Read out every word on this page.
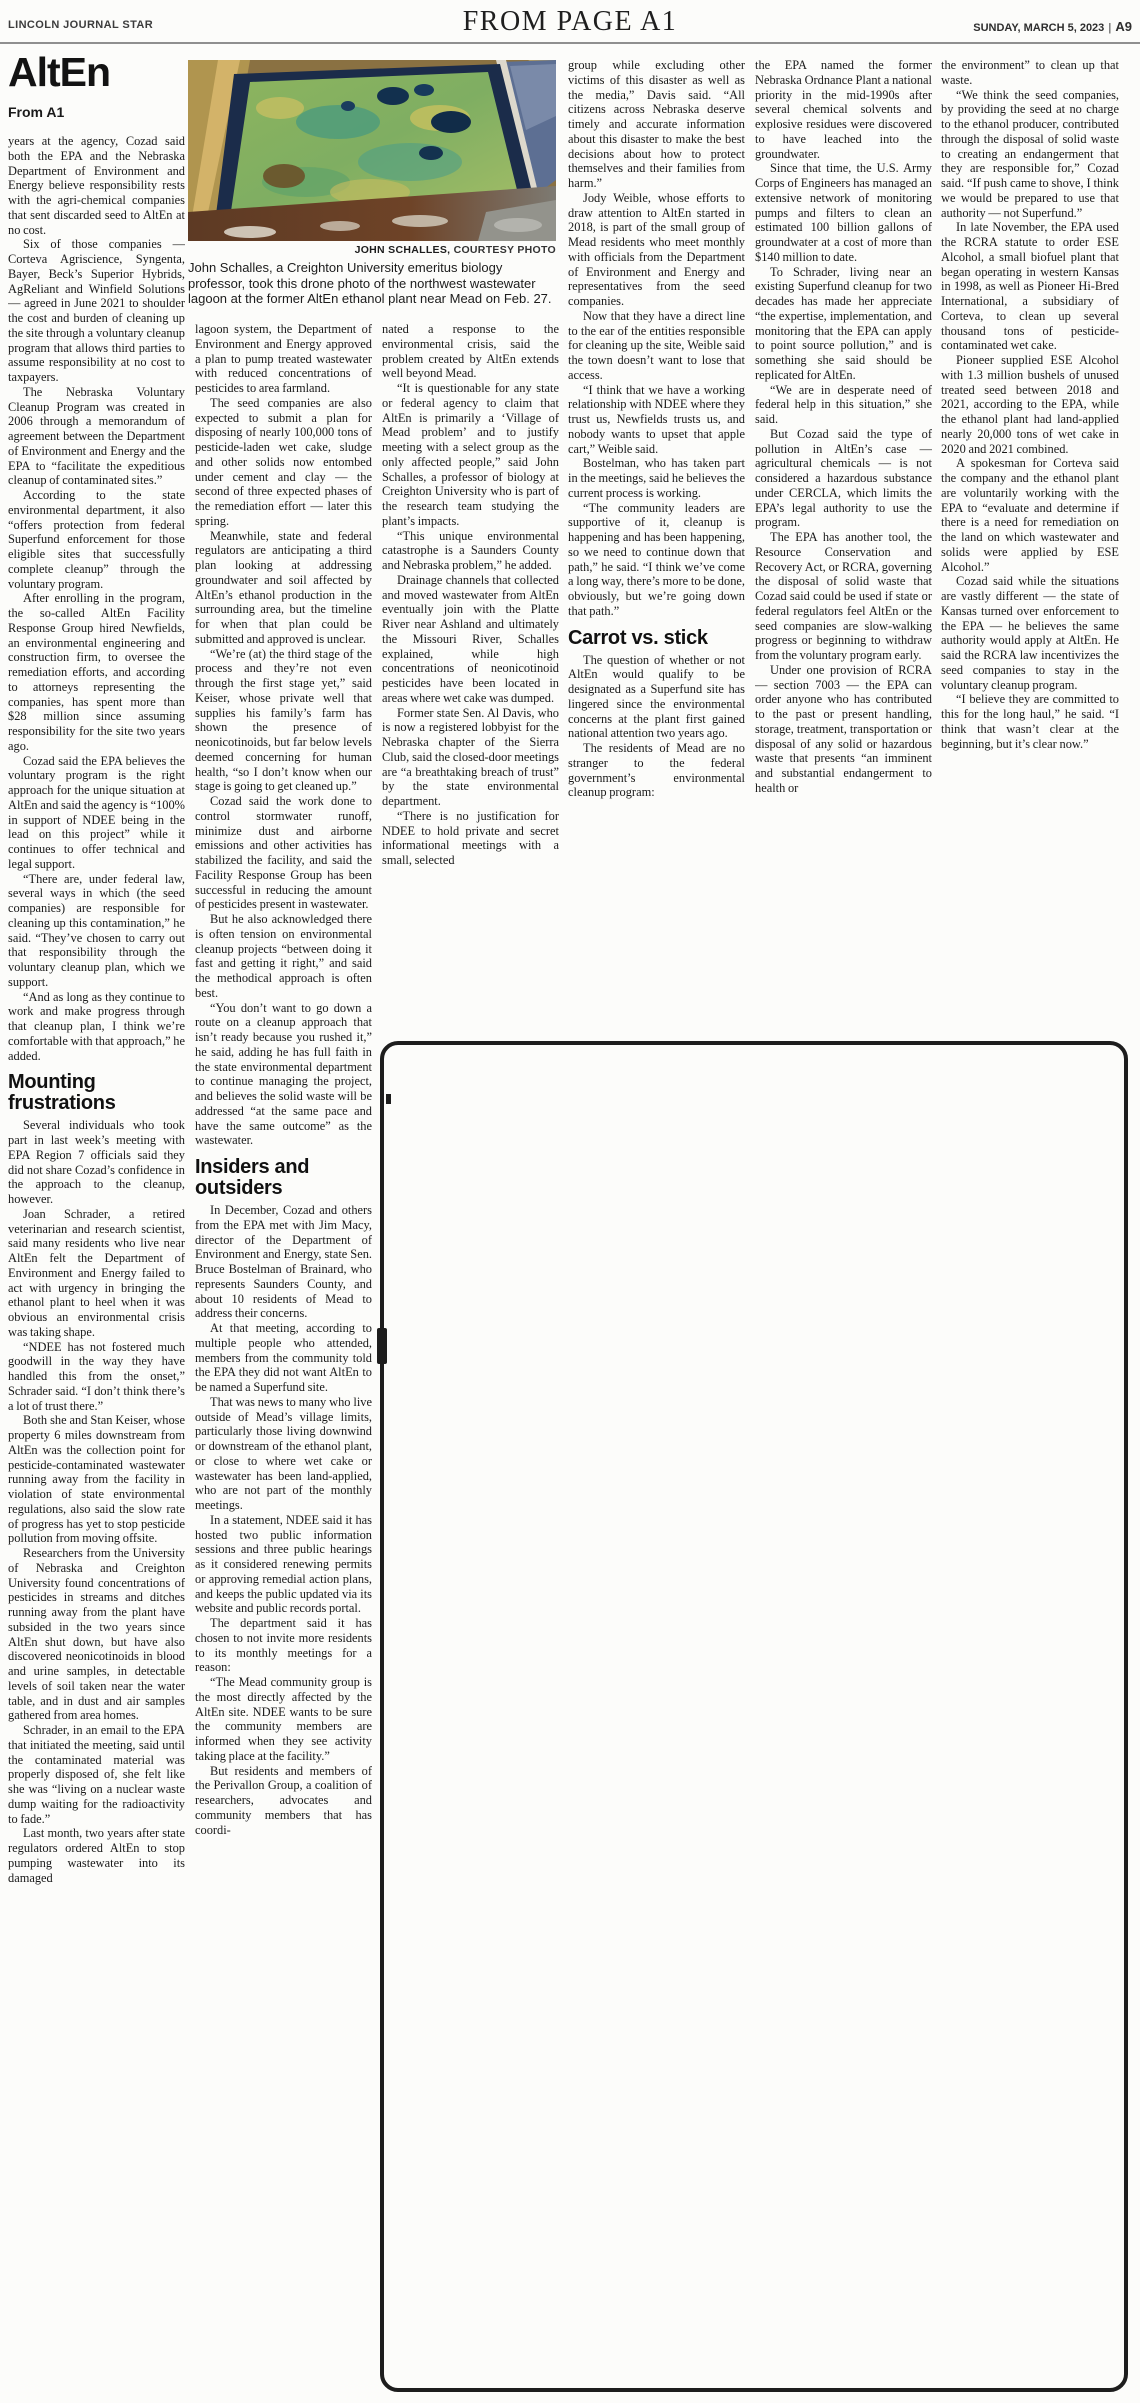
LINCOLN JOURNAL STAR	FROM PAGE A1	SUNDAY, MARCH 5, 2023 | A9
AltEn
From A1
JOHN SCHALLES, COURTESY PHOTO
John Schalles, a Creighton University emeritus biology professor, took this drone photo of the northwest wastewater lagoon at the former AltEn ethanol plant near Mead on Feb. 27.

years at the agency, Cozad said both the EPA and the Nebraska Department of Environment and Energy believe responsibility rests with the agri-chemical companies that sent discarded seed to AltEn at no cost.

Six of those companies — Corteva Agriscience, Syngenta, Bayer, Beck’s Superior Hybrids, AgReliant and Winfield Solutions — agreed in June 2021 to shoulder the cost and burden of cleaning up the site through a voluntary cleanup program that allows third parties to assume responsibility at no cost to taxpayers.

The Nebraska Voluntary Cleanup Program was created in 2006 through a memorandum of agreement between the Department of Environment and Energy and the EPA to “facilitate the expeditious cleanup of contaminated sites.”

According to the state environmental department, it also “offers protection from federal Superfund enforcement for those eligible sites that successfully complete cleanup” through the voluntary program.

After enrolling in the program, the so-called AltEn Facility Response Group hired Newfields, an environmental engineering and construction firm, to oversee the remediation efforts, and according to attorneys representing the companies, has spent more than $28 million since assuming responsibility for the site two years ago.

Cozad said the EPA believes the voluntary program is the right approach for the unique situation at AltEn and said the agency is “100% in support of NDEE being in the lead on this project” while it continues to offer technical and legal support.

“There are, under federal law, several ways in which (the seed companies) are responsible for cleaning up this contamination,” he said. “They’ve chosen to carry out that responsibility through the voluntary cleanup plan, which we support.

“And as long as they continue to work and make progress through that cleanup plan, I think we’re comfortable with that approach,” he added.

Mounting frustrations

Several individuals who took part in last week’s meeting with EPA Region 7 officials said they did not share Cozad’s confidence in the approach to the cleanup, however.

Joan Schrader, a retired veterinarian and research scientist, said many residents who live near AltEn felt the Department of Environment and Energy failed to act with urgency in bringing the ethanol plant to heel when it was obvious an environmental crisis was taking shape.

“NDEE has not fostered much goodwill in the way they have handled this from the onset,” Schrader said. “I don’t think there’s a lot of trust there.”

Both she and Stan Keiser, whose property 6 miles downstream from AltEn was the collection point for pesticide-contaminated wastewater running away from the facility in violation of state environmental regulations, also said the slow rate of progress has yet to stop pesticide pollution from moving offsite.

Researchers from the University of Nebraska and Creighton University found concentrations of pesticides in streams and ditches running away from the plant have subsided in the two years since AltEn shut down, but have also discovered neonicotinoids in blood and urine samples, in detectable levels of soil taken near the water table, and in dust and air samples gathered from area homes.

Schrader, in an email to the EPA that initiated the meeting, said until the contaminated material was properly disposed of, she felt like she was “living on a nuclear waste dump waiting for the radioactivity to fade.”

Last month, two years after state regulators ordered AltEn to stop pumping wastewater into its damaged

lagoon system, the Department of Environment and Energy approved a plan to pump treated wastewater with reduced concentrations of pesticides to area farmland.

The seed companies are also expected to submit a plan for disposing of nearly 100,000 tons of pesticide-laden wet cake, sludge and other solids now entombed under cement and clay — the second of three expected phases of the remediation effort — later this spring.

Meanwhile, state and federal regulators are anticipating a third plan looking at addressing groundwater and soil affected by AltEn’s ethanol production in the surrounding area, but the timeline for when that plan could be submitted and approved is unclear.

“We’re (at) the third stage of the process and they’re not even through the first stage yet,” said Keiser, whose private well that supplies his family’s farm has shown the presence of neonicotinoids, but far below levels deemed concerning for human health, “so I don’t know when our stage is going to get cleaned up.”

Cozad said the work done to control stormwater runoff, minimize dust and airborne emissions and other activities has stabilized the facility, and said the Facility Response Group has been successful in reducing the amount of pesticides present in wastewater.

But he also acknowledged there is often tension on environmental cleanup projects “between doing it fast and getting it right,” and said the methodical approach is often best.

“You don’t want to go down a route on a cleanup approach that isn’t ready because you rushed it,” he said, adding he has full faith in the state environmental department to continue managing the project, and believes the solid waste will be addressed “at the same pace and have the same outcome” as the wastewater.

Insiders and outsiders

In December, Cozad and others from the EPA met with Jim Macy, director of the Department of Environment and Energy, state Sen. Bruce Bostelman of Brainard, who represents Saunders County, and about 10 residents of Mead to address their concerns.

At that meeting, according to multiple people who attended, members from the community told the EPA they did not want AltEn to be named a Superfund site.

That was news to many who live outside of Mead’s village limits, particularly those living downwind or downstream of the ethanol plant, or close to where wet cake or wastewater has been land-applied, who are not part of the monthly meetings.

In a statement, NDEE said it has hosted two public information sessions and three public hearings as it considered renewing permits or approving remedial action plans, and keeps the public updated via its website and public records portal.

The department said it has chosen to not invite more residents to its monthly meetings for a reason:

“The Mead community group is the most directly affected by the AltEn site. NDEE wants to be sure the community members are informed when they see activity taking place at the facility.”

But residents and members of the Perivallon Group, a coalition of researchers, advocates and community members that has coordi-

nated a response to the environmental crisis, said the problem created by AltEn extends well beyond Mead.

“It is questionable for any state or federal agency to claim that AltEn is primarily a ‘Village of Mead problem’ and to justify meeting with a select group as the only affected people,” said John Schalles, a professor of biology at Creighton University who is part of the research team studying the plant’s impacts.

“This unique environmental catastrophe is a Saunders County and Nebraska problem,” he added.

Drainage channels that collected and moved wastewater from AltEn eventually join with the Platte River near Ashland and ultimately the Missouri River, Schalles explained, while high concentrations of neonicotinoid pesticides have been located in areas where wet cake was dumped.

Former state Sen. Al Davis, who is now a registered lobbyist for the Nebraska chapter of the Sierra Club, said the closed-door meetings are “a breathtaking breach of trust” by the state environmental department.

“There is no justification for NDEE to hold private and secret informational meetings with a small, selected

group while excluding other victims of this disaster as well as the media,” Davis said. “All citizens across Nebraska deserve timely and accurate information about this disaster to make the best decisions about how to protect themselves and their families from harm.”

Jody Weible, whose efforts to draw attention to AltEn started in 2018, is part of the small group of Mead residents who meet monthly with officials from the Department of Environment and Energy and representatives from the seed companies.

Now that they have a direct line to the ear of the entities responsible for cleaning up the site, Weible said the town doesn’t want to lose that access.

“I think that we have a working relationship with NDEE where they trust us, Newfields trusts us, and nobody wants to upset that apple cart,” Weible said.

Bostelman, who has taken part in the meetings, said he believes the current process is working.

“The community leaders are supportive of it, cleanup is happening and has been happening, so we need to continue down that path,” he said. “I think we’ve come a long way, there’s more to be done, obviously, but we’re going down that path.”

Carrot vs. stick

The question of whether or not AltEn would qualify to be designated as a Superfund site has lingered since the environmental concerns at the plant first gained national attention two years ago.

The residents of Mead are no stranger to the federal government’s environmental cleanup program:

the EPA named the former Nebraska Ordnance Plant a national priority in the mid-1990s after several chemical solvents and explosive residues were discovered to have leached into the groundwater.

Since that time, the U.S. Army Corps of Engineers has managed an extensive network of monitoring pumps and filters to clean an estimated 100 billion gallons of groundwater at a cost of more than $140 million to date.

To Schrader, living near an existing Superfund cleanup for two decades has made her appreciate “the expertise, implementation, and monitoring that the EPA can apply to point source pollution,” and is something she said should be replicated for AltEn.

“We are in desperate need of federal help in this situation,” she said.

But Cozad said the type of pollution in AltEn’s case — agricultural chemicals — is not considered a hazardous substance under CERCLA, which limits the EPA’s legal authority to use the program.

The EPA has another tool, the Resource Conservation and Recovery Act, or RCRA, governing the disposal of solid waste that Cozad said could be used if state or federal regulators feel AltEn or the seed companies are slow-walking progress or beginning to withdraw from the voluntary program early.

Under one provision of RCRA — section 7003 — the EPA can order anyone who has contributed to the past or present handling, storage, treatment, transportation or disposal of any solid or hazardous waste that presents “an imminent and substantial endangerment to health or

the environment” to clean up that waste.

“We think the seed companies, by providing the seed at no charge to the ethanol producer, contributed through the disposal of solid waste to creating an endangerment that they are responsible for,” Cozad said. “If push came to shove, I think we would be prepared to use that authority — not Superfund.”

In late November, the EPA used the RCRA statute to order ESE Alcohol, a small biofuel plant that began operating in western Kansas in 1998, as well as Pioneer Hi-Bred International, a subsidiary of Corteva, to clean up several thousand tons of pesticide-contaminated wet cake.

Pioneer supplied ESE Alcohol with 1.3 million bushels of unused treated seed between 2018 and 2021, according to the EPA, while the ethanol plant had land-applied nearly 20,000 tons of wet cake in 2020 and 2021 combined.

A spokesman for Corteva said the company and the ethanol plant are voluntarily working with the EPA to “evaluate and determine if there is a need for remediation on the land on which wastewater and solids were applied by ESE Alcohol.”

Cozad said while the situations are vastly different — the state of Kansas turned over enforcement to the EPA — he believes the same authority would apply at AltEn. He said the RCRA law incentivizes the seed companies to stay in the voluntary cleanup program.

“I believe they are committed to this for the long haul,” he said. “I think that wasn’t clear at the beginning, but it’s clear now.”
